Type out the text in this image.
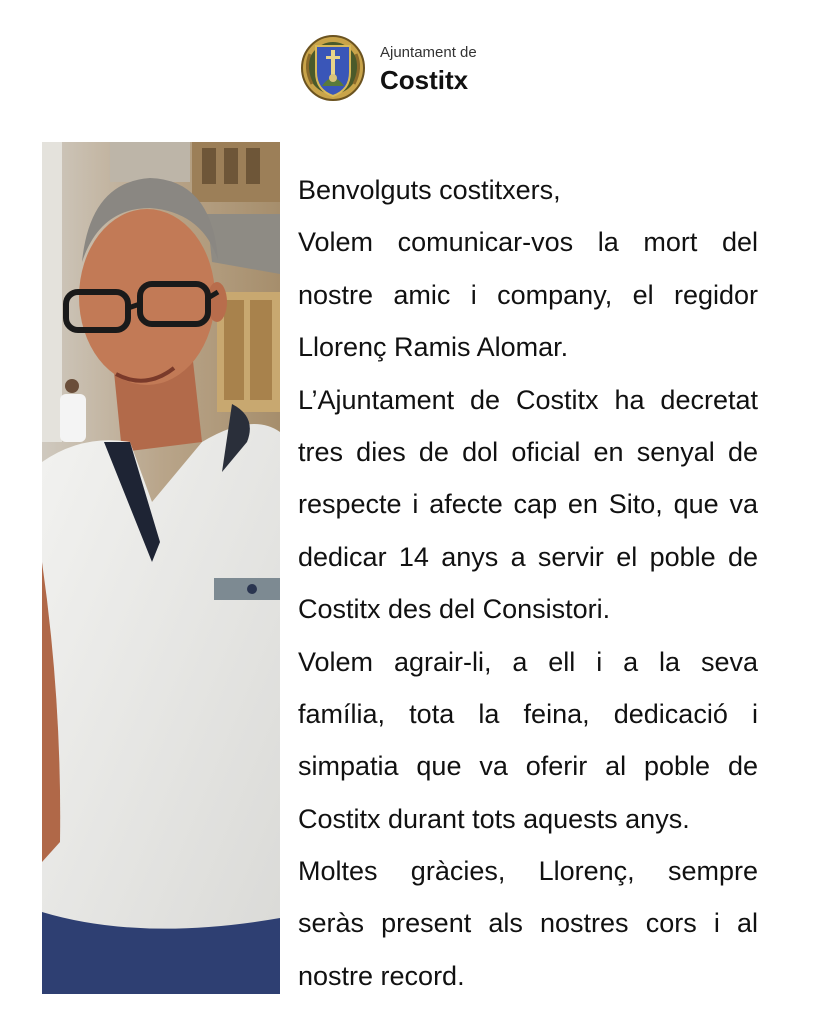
Ajuntament de
Costitx
Benvolguts costitxers,
Volem comunicar-vos la mort del
nostre amic i company, el regidor
Llorenç Ramis Alomar.
L’Ajuntament de Costitx ha decretat
tres dies de dol oficial en senyal de
respecte i afecte cap en Sito, que va
dedicar 14 anys a servir el poble de
Costitx des del Consistori.
Volem agrair-li, a ell i a la seva
família, tota la feina, dedicació i
simpatia que va oferir al poble de
Costitx durant tots aquests anys.
Moltes gràcies, Llorenç, sempre
seràs present als nostres cors i al
nostre record.
